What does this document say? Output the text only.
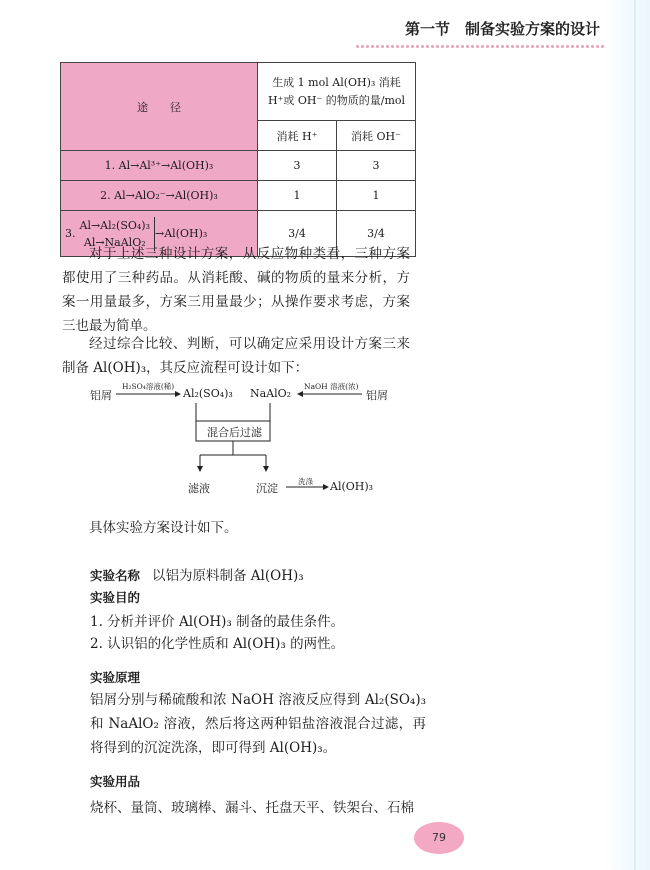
第一节　制备实验方案的设计
途　　径	生成 1 mol Al(OH)₃ 消耗
H⁺或 OH⁻ 的物质的量/mol	

	消耗 H⁺	消耗 OH⁻
1. Al→Al³⁺→Al(OH)₃	3	3
2. Al→AlO₂⁻→Al(OH)₃	1	1

3.
Al→Al₂(SO₄)₃
Al→NaAlO₂
→Al(OH)₃	3/4	3/4
对于上述三种设计方案，从反应物种类看，三种方案都使用了三种药品。从消耗酸、碱的物质的量来分析，方案一用量最多，方案三用量最少；从操作要求考虑，方案三也最为简单。
经过综合比较、判断，可以确定应采用设计方案三来制备 Al(OH)₃，其反应流程可设计如下：
铝屑
H₂SO₄溶液(稀)
Al₂(SO₄)₃ NaAlO₂
NaOH 溶液(浓)
铝屑
混合后过滤
滤液	沉淀
洗涤 Al(OH)₃
具体实验方案设计如下。
实验名称 以铝为原料制备 Al(OH)₃
实验目的
1. 分析并评价 Al(OH)₃ 制备的最佳条件。
2. 认识铝的化学性质和 Al(OH)₃ 的两性。
实验原理
铝屑分别与稀硫酸和浓 NaOH 溶液反应得到 Al₂(SO₄)₃和 NaAlO₂ 溶液，然后将这两种铝盐溶液混合过滤，再将得到的沉淀洗涤，即可得到 Al(OH)₃。
实验用品
烧杯、量筒、玻璃棒、漏斗、托盘天平、铁架台、石棉
79
